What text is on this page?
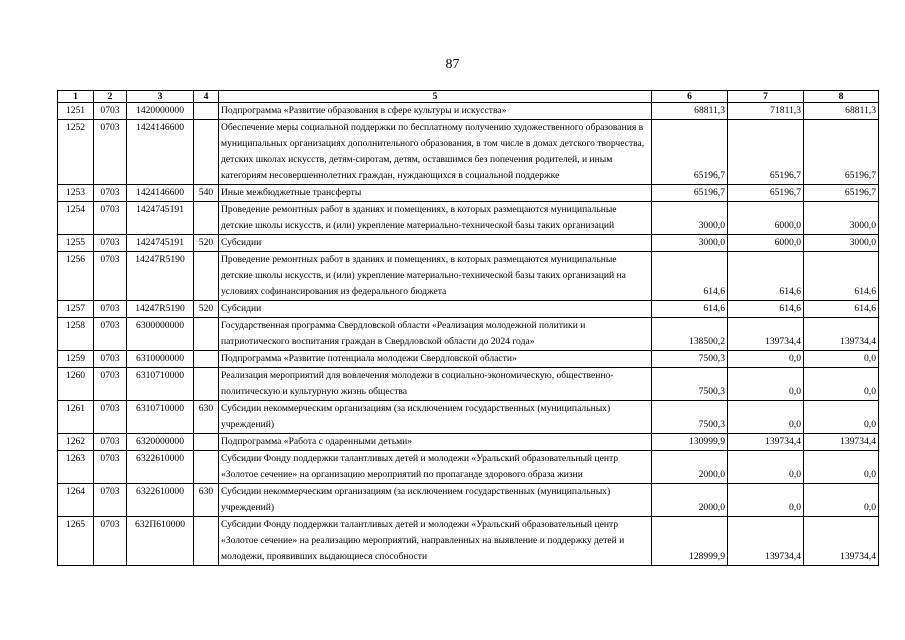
87
1	2	3	4	5	6	7	8
1251	0703	1420000000		Подпрограмма «Развитие образования в сфере культуры и искусства»	68811,3	71811,3	68811,3
1252	0703	1424146600		Обеспечение меры социальной поддержки по бесплатному получению художественного образования в муниципальных организациях дополнительного образования, в том числе в домах детского творчества, детских школах искусств, детям-сиротам, детям, оставшимся без попечения родителей, и иным категориям несовершеннолетних граждан, нуждающихся в социальной поддержке	65196,7	65196,7	65196,7
1253	0703	1424146600	540	Иные межбюджетные трансферты	65196,7	65196,7	65196,7
1254	0703	1424745191		Проведение ремонтных работ в зданиях и помещениях, в которых размещаются муниципальные детские школы искусств, и (или) укрепление материально-технической базы таких организаций	3000,0	6000,0	3000,0
1255	0703	1424745191	520	Субсидии	3000,0	6000,0	3000,0
1256	0703	14247R5190		Проведение ремонтных работ в зданиях и помещениях, в которых размещаются муниципальные детские школы искусств, и (или) укрепление материально-технической базы таких организаций на условиях софинансирования из федерального бюджета	614,6	614,6	614,6
1257	0703	14247R5190	520	Субсидии	614,6	614,6	614,6
1258	0703	6300000000		Государственная программа Свердловской области «Реализация молодежной политики и патриотического воспитания граждан в Свердловской области до 2024 года»	138500,2	139734,4	139734,4
1259	0703	6310000000		Подпрограмма «Развитие потенциала молодежи Свердловской области»	7500,3	0,0	0,0
1260	0703	6310710000		Реализация мероприятий для вовлечения молодежи в социально-экономическую, общественно-политическую и культурную жизнь общества	7500,3	0,0	0,0
1261	0703	6310710000	630	Субсидии некоммерческим организациям (за исключением государственных (муниципальных) учреждений)	7500,3	0,0	0,0
1262	0703	6320000000		Подпрограмма «Работа с одаренными детьми»	130999,9	139734,4	139734,4
1263	0703	6322610000		Субсидии Фонду поддержки талантливых детей и молодежи «Уральский образовательный центр «Золотое сечение» на организацию мероприятий по пропаганде здорового образа жизни	2000,0	0,0	0,0
1264	0703	6322610000	630	Субсидии некоммерческим организациям (за исключением государственных (муниципальных) учреждений)	2000,0	0,0	0,0
1265	0703	632П610000		Субсидии Фонду поддержки талантливых детей и молодежи «Уральский образовательный центр «Золотое сечение» на реализацию мероприятий, направленных на выявление и поддержку детей и молодежи, проявивших выдающиеся способности	128999,9	139734,4	139734,4
